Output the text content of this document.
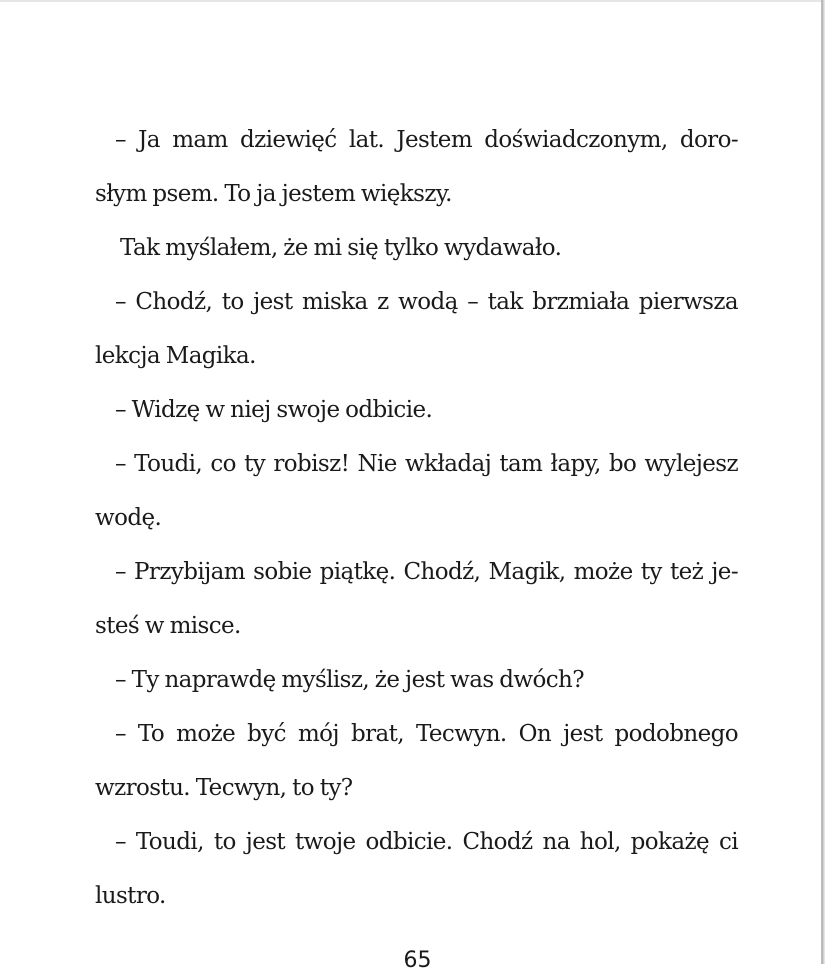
– Ja mam dziewięć lat. Jestem doświadczonym, doro-
słym psem. To ja jestem większy.
Tak myślałem, że mi się tylko wydawało.
– Chodź, to jest miska z wodą – tak brzmiała pierwsza
lekcja Magika.
– Widzę w niej swoje odbicie.
– Toudi, co ty robisz! Nie wkładaj tam łapy, bo wylejesz
wodę.
– Przybijam sobie piątkę. Chodź, Magik, może ty też je-
steś w misce.
– Ty naprawdę myślisz, że jest was dwóch?
– To może być mój brat, Tecwyn. On jest podobnego
wzrostu. Tecwyn, to ty?
– Toudi, to jest twoje odbicie. Chodź na hol, pokażę ci
lustro.
65
